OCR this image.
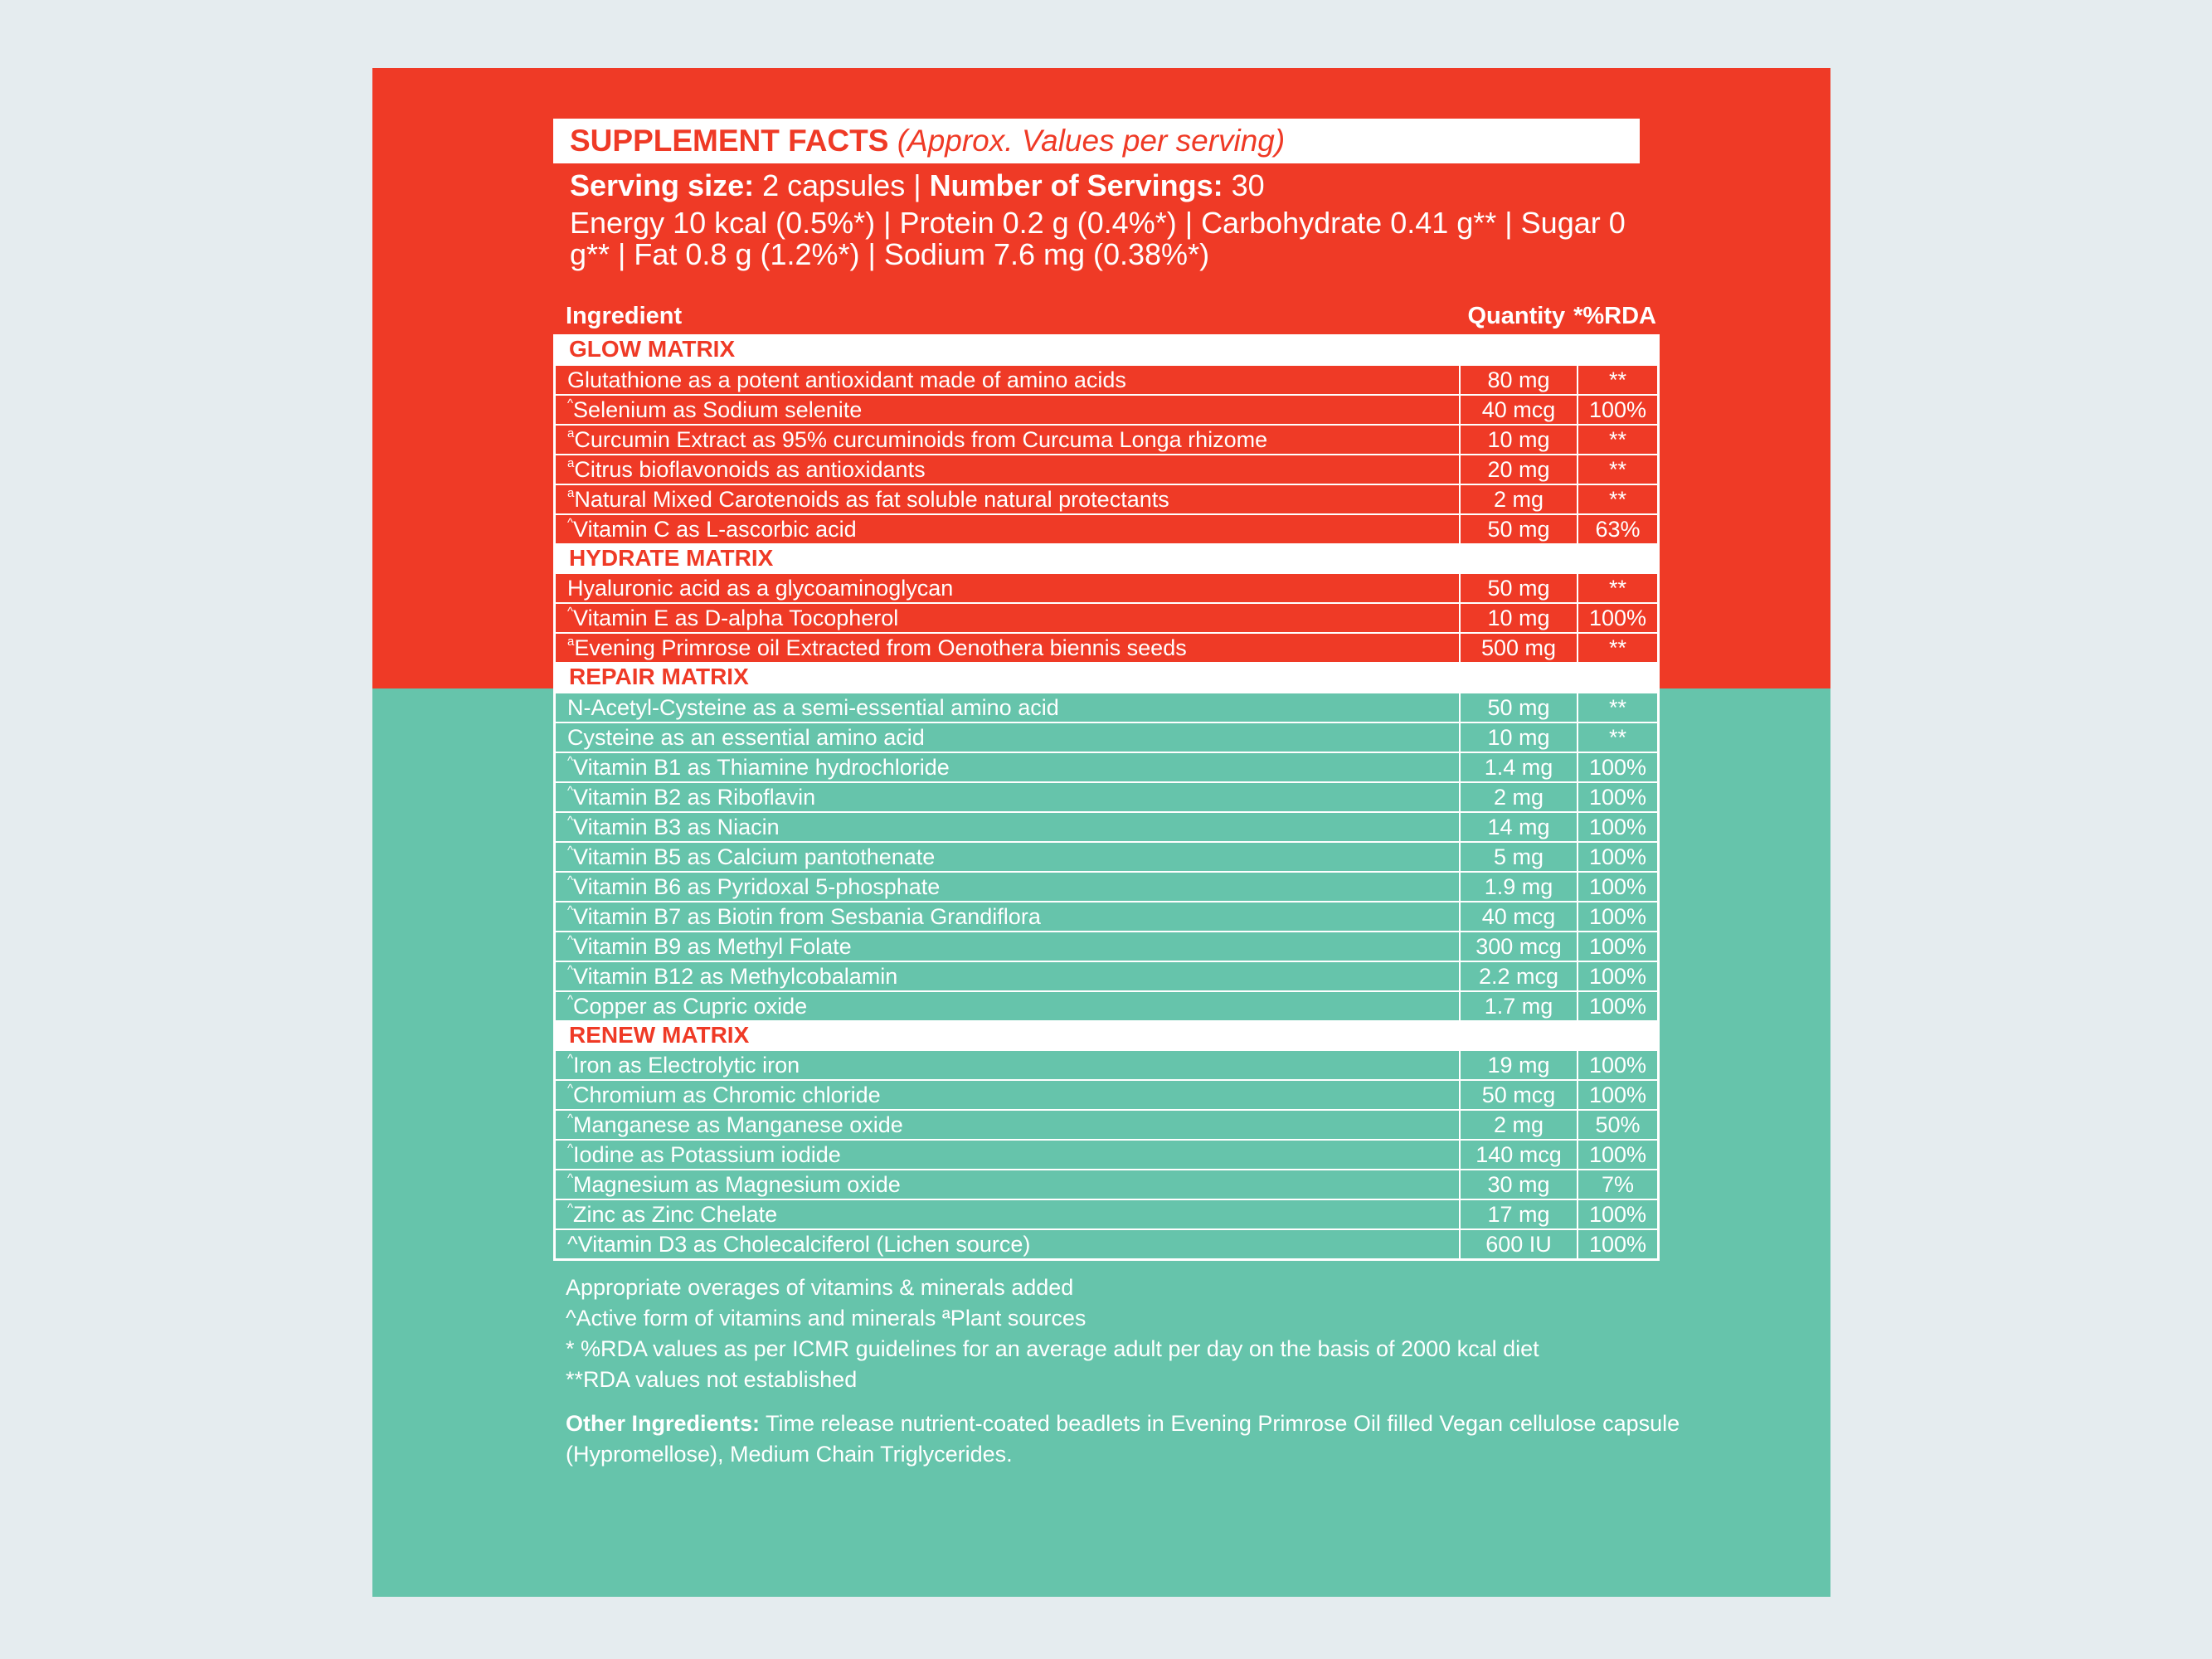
SUPPLEMENT FACTS (Approx. Values per serving)
Serving size: 2 capsules | Number of Servings: 30
Energy 10 kcal (0.5%*) | Protein 0.2 g (0.4%*) | Carbohydrate 0.41 g** | Sugar 0 g** | Fat 0.8 g (1.2%*) | Sodium 7.6 mg (0.38%*)
Ingredient	Quantity *%RDA
GLOW MATRIX
Glutathione as a potent antioxidant made of amino acids	80 mg	**
^Selenium as Sodium selenite	40 mcg	100%
$^a$Curcumin Extract as 95% curcuminoids from Curcuma Longa rhizome	10 mg	**
$^a$Citrus bioflavonoids as antioxidants	20 mg	**
$^a$Natural Mixed Carotenoids as fat soluble natural protectants	2 mg	**
^Vitamin C as L-ascorbic acid	50 mg	63%
HYDRATE MATRIX
Hyaluronic acid as a glycoaminoglycan	50 mg	**
^Vitamin E as D-alpha Tocopherol	10 mg	100%
$^a$Evening Primrose oil Extracted from Oenothera biennis seeds	500 mg	**
REPAIR MATRIX
N-Acetyl-Cysteine as a semi-essential amino acid	50 mg	**
Cysteine as an essential amino acid	10 mg	**
^Vitamin B1 as Thiamine hydrochloride	1.4 mg	100%
^Vitamin B2 as Riboflavin	2 mg	100%
^Vitamin B3 as Niacin	14 mg	100%
^Vitamin B5 as Calcium pantothenate	5 mg	100%
^Vitamin B6 as Pyridoxal 5-phosphate	1.9 mg	100%
^Vitamin B7 as Biotin from Sesbania Grandiflora	40 mcg	100%
^Vitamin B9 as Methyl Folate	300 mcg	100%
^Vitamin B12 as Methylcobalamin	2.2 mcg	100%
^Copper as Cupric oxide	1.7 mg	100%
RENEW MATRIX
^Iron as Electrolytic iron	19 mg	100%
^Chromium as Chromic chloride	50 mcg	100%
^Manganese as Manganese oxide	2 mg	50%
^Iodine as Potassium iodide	140 mcg	100%
^Magnesium as Magnesium oxide	30 mg	7%
^Zinc as Zinc Chelate	17 mg	100%
^Vitamin D3 as Cholecalciferol (Lichen source)	600 IU	100%
Appropriate overages of vitamins & minerals added
^Active form of vitamins and minerals ªPlant sources
* %RDA values as per ICMR guidelines for an average adult per day on the basis of 2000 kcal diet
**RDA values not established
Other Ingredients: Time release nutrient-coated beadlets in Evening Primrose Oil filled Vegan cellulose capsule (Hypromellose), Medium Chain Triglycerides.
